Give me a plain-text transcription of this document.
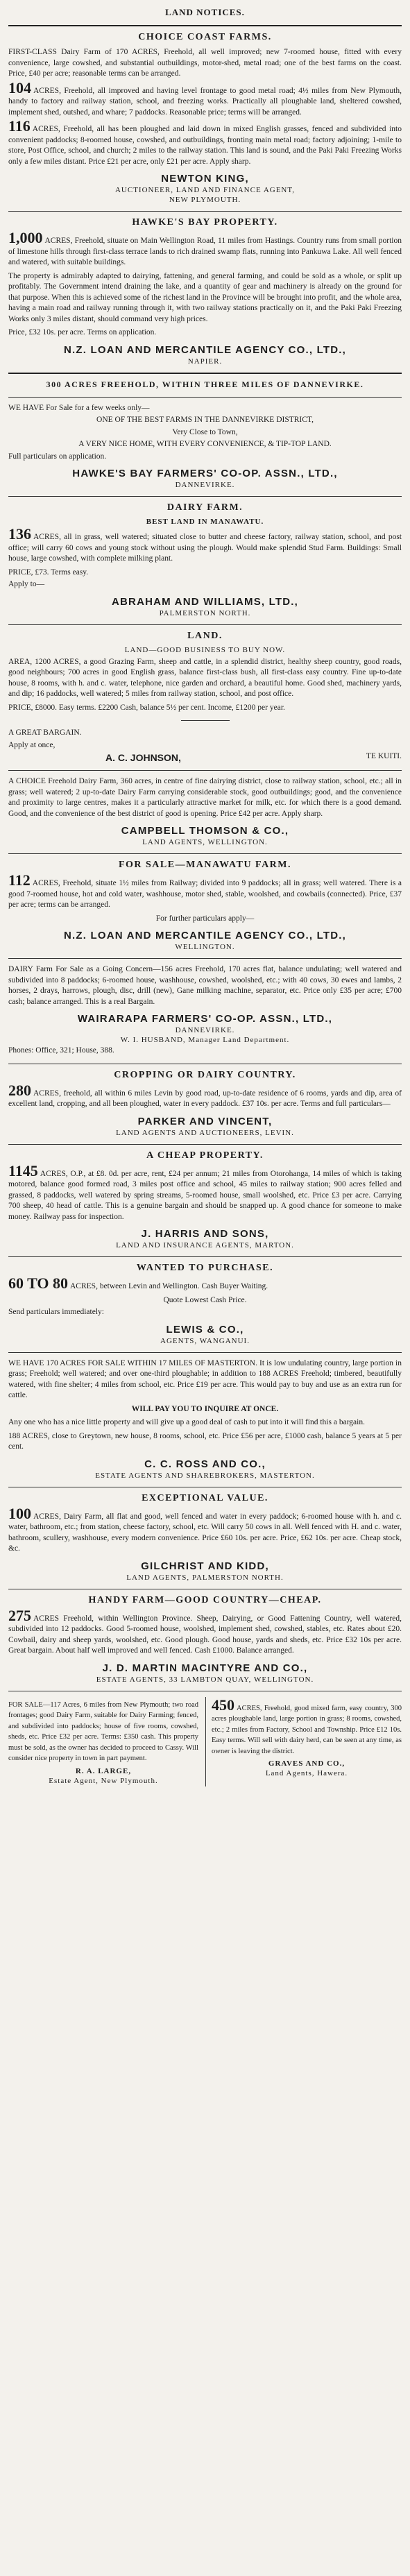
LAND NOTICES.
CHOICE COAST FARMS.
FIRST-CLASS Dairy Farm of 170 ACRES, Freehold, all well improved; new 7-roomed house, fitted with every convenience, large cowshed, and substantial outbuildings, motor-shed, metal road; one of the best farms on the coast. Price, £40 per acre; reasonable terms can be arranged.
104 ACRES, Freehold, all improved and having level frontage to good metal road; 4½ miles from New Plymouth, handy to factory and railway station, school, and freezing works. Practically all ploughable land, sheltered cowshed, implement shed, outshed, and whare; 7 paddocks. Reasonable price; terms will be arranged.
116 ACRES, Freehold, all has been ploughed and laid down in mixed English grasses, fenced and subdivided into convenient paddocks; 8-roomed house, cowshed, and outbuildings, fronting main metal road; factory adjoining; 1-mile to store, Post Office, school, and church; 2 miles to the railway station. This land is sound, and the Paki Paki Freezing Works only a few miles distant. Price £21 per acre, only £21 per acre. Apply sharp.
NEWTON KING,
AUCTIONEER, LAND AND FINANCE AGENT,
NEW PLYMOUTH.
HAWKE'S BAY PROPERTY.
1,000 ACRES, Freehold, situate on Main Wellington Road, 11 miles from Hastings. Country runs from small portion of limestone hills through first-class terrace lands to rich drained swamp flats, running into Pankuwa Lake. All well fenced and watered, with suitable buildings.
The property is admirably adapted to dairying, fattening, and general farming, and could be sold as a whole, or split up profitably. The Government intend draining the lake, and a quantity of gear and machinery is already on the ground for that purpose. When this is achieved some of the richest land in the Province will be brought into profit, and the whole area, having a main road and railway running through it, with two railway stations practically on it, and the Paki Paki Freezing Works only 3 miles distant, should command very high prices.
Price, £32 10s. per acre. Terms on application.
N.Z. LOAN AND MERCANTILE AGENCY CO., LTD.,
NAPIER.
300 ACRES FREEHOLD, WITHIN THREE MILES OF DANNEVIRKE.
WE HAVE For Sale for a few weeks only—
ONE OF THE BEST FARMS IN THE DANNEVIRKE DISTRICT,
Very Close to Town,
A VERY NICE HOME, WITH EVERY CONVENIENCE, & TIP-TOP LAND.
Full particulars on application.
HAWKE'S BAY FARMERS' CO-OP. ASSN., LTD.,
DANNEVIRKE.
DAIRY FARM.
BEST LAND IN MANAWATU.
136 ACRES, all in grass, well watered; situated close to butter and cheese factory, railway station, school, and post office; will carry 60 cows and young stock without using the plough. Would make splendid Stud Farm. Buildings: Small house, large cowshed, with complete milking plant.
PRICE, £73. Terms easy.
Apply to—
ABRAHAM AND WILLIAMS, LTD.,
PALMERSTON NORTH.
LAND.
LAND—GOOD BUSINESS TO BUY NOW.
AREA, 1200 ACRES, a good Grazing Farm, sheep and cattle, in a splendid district, healthy sheep country, good roads, good neighbours; 700 acres in good English grass, balance first-class bush, all first-class easy country. Fine up-to-date house, 8 rooms, with h. and c. water, telephone, nice garden and orchard, a beautiful home. Good shed, machinery yards, and dip; 16 paddocks, well watered; 5 miles from railway station, school, and post office.
PRICE, £8000. Easy terms. £2200 Cash, balance 5½ per cent. Income, £1200 per year.
A GREAT BARGAIN.
Apply at once,
A. C. JOHNSON,	TE KUITI.
A CHOICE Freehold Dairy Farm, 360 acres, in centre of fine dairying district, close to railway station, school, etc.; all in grass; well watered; 2 up-to-date Dairy Farm carrying considerable stock, good outbuildings; good, and the convenience and proximity to large centres, makes it a particularly attractive market for milk, etc. for which there is a good demand. Good, and the convenience of the best district of good is opening. Price £42 per acre. Apply sharp.
CAMPBELL THOMSON & CO.,
LAND AGENTS, WELLINGTON.
FOR SALE—MANAWATU FARM.
112 ACRES, Freehold, situate 1½ miles from Railway; divided into 9 paddocks; all in grass; well watered. There is a good 7-roomed house, hot and cold water, washhouse, motor shed, stable, woolshed, and cowbails (connected). Price, £37 per acre; terms can be arranged.
For further particulars apply—
N.Z. LOAN AND MERCANTILE AGENCY CO., LTD.,
WELLINGTON.
DAIRY Farm For Sale as a Going Concern—156 acres Freehold, 170 acres flat, balance undulating; well watered and subdivided into 8 paddocks; 6-roomed house, washhouse, cowshed, woolshed, etc.; with 40 cows, 30 ewes and lambs, 2 horses, 2 drays, harrows, plough, disc, drill (new), Gane milking machine, separator, etc. Price only £35 per acre; £700 cash; balance arranged. This is a real Bargain.
WAIRARAPA FARMERS' CO-OP. ASSN., LTD.,
DANNEVIRKE.
W. I. HUSBAND, Manager Land Department.
Phones: Office, 321; House, 388.
CROPPING OR DAIRY COUNTRY.
280 ACRES, freehold, all within 6 miles Levin by good road, up-to-date residence of 6 rooms, yards and dip, area of excellent land, cropping, and all been ploughed, water in every paddock. £37 10s. per acre. Terms and full particulars—
PARKER AND VINCENT,
LAND AGENTS AND AUCTIONEERS, LEVIN.
A CHEAP PROPERTY.
1145 ACRES, O.P., at £8. 0d. per acre, rent, £24 per annum; 21 miles from Otorohanga, 14 miles of which is taking motored, balance good formed road, 3 miles post office and school, 45 miles to railway station; 900 acres felled and grassed, 8 paddocks, well watered by spring streams, 5-roomed house, small woolshed, etc. Price £3 per acre. Carrying 700 sheep, 40 head of cattle. This is a genuine bargain and should be snapped up. A good chance for someone to make money. Railway pass for inspection.
J. HARRIS AND SONS,
LAND AND INSURANCE AGENTS, MARTON.
WANTED TO PURCHASE.
60 TO 80 ACRES, between Levin and Wellington. Cash Buyer Waiting.
Quote Lowest Cash Price.
Send particulars immediately:
LEWIS & CO.,
AGENTS, WANGANUI.
WE HAVE 170 ACRES FOR SALE WITHIN 17 MILES OF MASTERTON. It is low undulating country, large portion in grass; Freehold; well watered; and over one-third ploughable; in addition to 188 ACRES Freehold; timbered, beautifully watered, with fine shelter; 4 miles from school, etc. Price £19 per acre. This would pay to buy and use as an extra run for cattle.
WILL PAY YOU TO INQUIRE AT ONCE.
Any one who has a nice little property and will give up a good deal of cash to put into it will find this a bargain.
188 ACRES, close to Greytown, new house, 8 rooms, school, etc. Price £56 per acre, £1000 cash, balance 5 years at 5 per cent.
C. C. ROSS AND CO.,
ESTATE AGENTS AND SHAREBROKERS, MASTERTON.
EXCEPTIONAL VALUE.
100 ACRES, Dairy Farm, all flat and good, well fenced and water in every paddock; 6-roomed house with h. and c. water, bathroom, etc.; from station, cheese factory, school, etc. Will carry 50 cows in all. Well fenced with H. and c. water, bathroom, scullery, washhouse, every modern convenience. Price £60 10s. per acre. Price, £62 10s. per acre. Cheap stock, &c.
GILCHRIST AND KIDD,
LAND AGENTS, PALMERSTON NORTH.
HANDY FARM—GOOD COUNTRY—CHEAP.
275 ACRES Freehold, within Wellington Province. Sheep, Dairying, or Good Fattening Country, well watered, subdivided into 12 paddocks. Good 5-roomed house, woolshed, implement shed, cowshed, stables, etc. Rates about £20. Cowbail, dairy and sheep yards, woolshed, etc. Good plough. Good house, yards and sheds, etc. Price £32 10s per acre. Great bargain. About half well improved and well fenced. Cash £1000. Balance arranged.
J. D. MARTIN MACINTYRE AND CO.,
ESTATE AGENTS, 33 LAMBTON QUAY, WELLINGTON.
FOR SALE—117 Acres, 6 miles from New Plymouth; two road frontages; good Dairy Farm, suitable for Dairy Farming; fenced, and subdivided into paddocks; house of five rooms, cowshed, sheds, etc. Price £32 per acre. Terms: £350 cash. This property must be sold, as the owner has decided to proceed to Cassy. Will consider nice property in town in part payment.
R. A. LARGE,
Estate Agent, New Plymouth.
450 ACRES, Freehold, good mixed farm, easy country, 300 acres ploughable land, large portion in grass; 8 rooms, cowshed, etc.; 2 miles from Factory, School and Township. Price £12 10s. Easy terms. Will sell with dairy herd, can be seen at any time, as owner is leaving the district.
GRAVES AND CO.,
Land Agents, Hawera.
